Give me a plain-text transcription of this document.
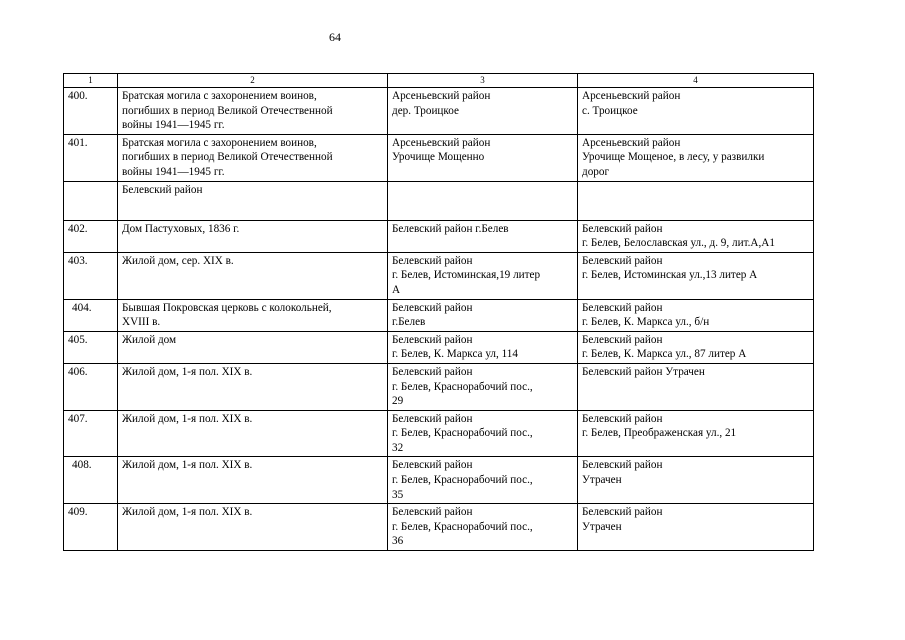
64
1	2	3	4
400.	Братская могила с захоронением воинов,
погибших в период Великой Отечественной
войны 1941—1945 гг.	Арсеньевский район
дер. Троицкое	Арсеньевский район
с. Троицкое

401.	Братская могила с захоронением воинов,
погибших в период Великой Отечественной
войны 1941—1945 гг.	Арсеньевский район
Урочище Мощенно	Арсеньевский район
Урочище Мощеное, в лесу, у развилки
дорог

	Белевский район		
402.	Дом Пастуховых, 1836 г.	Белевский район г.Белев	Белевский район
г. Белев, Белославская ул., д. 9, лит.А,А1

403.	Жилой дом, сер. XIX в.	Белевский район
г. Белев, Истоминская,19 литер
А	Белевский район
г. Белев, Истоминская ул.,13 литер А

404.	Бывшая Покровская церковь с колокольней,
XVIII в.	Белевский район
г.Белев	Белевский район
г. Белев, К. Маркса ул., б/н

405.	Жилой дом	Белевский район
г. Белев, К. Маркса ул, 114	Белевский район
г. Белев, К. Маркса ул., 87 литер А

406.	Жилой дом, 1-я пол. XIX в.	Белевский район
г. Белев, Краснорабочий пос.,
29	Белевский район Утрачен

407.	Жилой дом, 1-я пол. XIX в.	Белевский район
г. Белев, Краснорабочий пос.,
32	Белевский район
г. Белев, Преображенская ул., 21

408.	Жилой дом, 1-я пол. XIX в.	Белевский район
г. Белев, Краснорабочий пос.,
35	Белевский район
Утрачен

409.	Жилой дом, 1-я пол. XIX в.	Белевский район
г. Белев, Краснорабочий пос.,
36	Белевский район
Утрачен
